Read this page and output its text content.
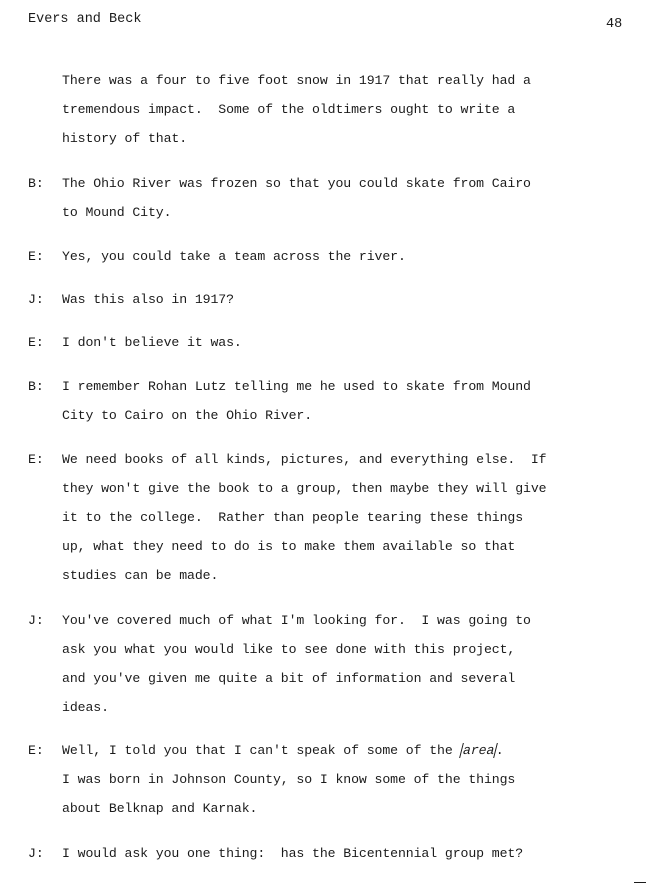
Evers and Beck	48
There was a four to five foot snow in 1917 that really had a
tremendous impact.  Some of the oldtimers ought to write a
history of that.
B: The Ohio River was frozen so that you could skate from Cairo
to Mound City.
E: Yes, you could take a team across the river.
J: Was this also in 1917?
E: I don't believe it was.
B: I remember Rohan Lutz telling me he used to skate from Mound
City to Cairo on the Ohio River.
E: We need books of all kinds, pictures, and everything else.  If
they won't give the book to a group, then maybe they will give
it to the college.  Rather than people tearing these things
up, what they need to do is to make them available so that
studies can be made.
J: You've covered much of what I'm looking for.  I was going to
ask you what you would like to see done with this project,
and you've given me quite a bit of information and several
ideas.
E: Well, I told you that I can't speak of some of the area.
I was born in Johnson County, so I know some of the things
about Belknap and Karnak.
J: I would ask you one thing:  has the Bicentennial group met?
